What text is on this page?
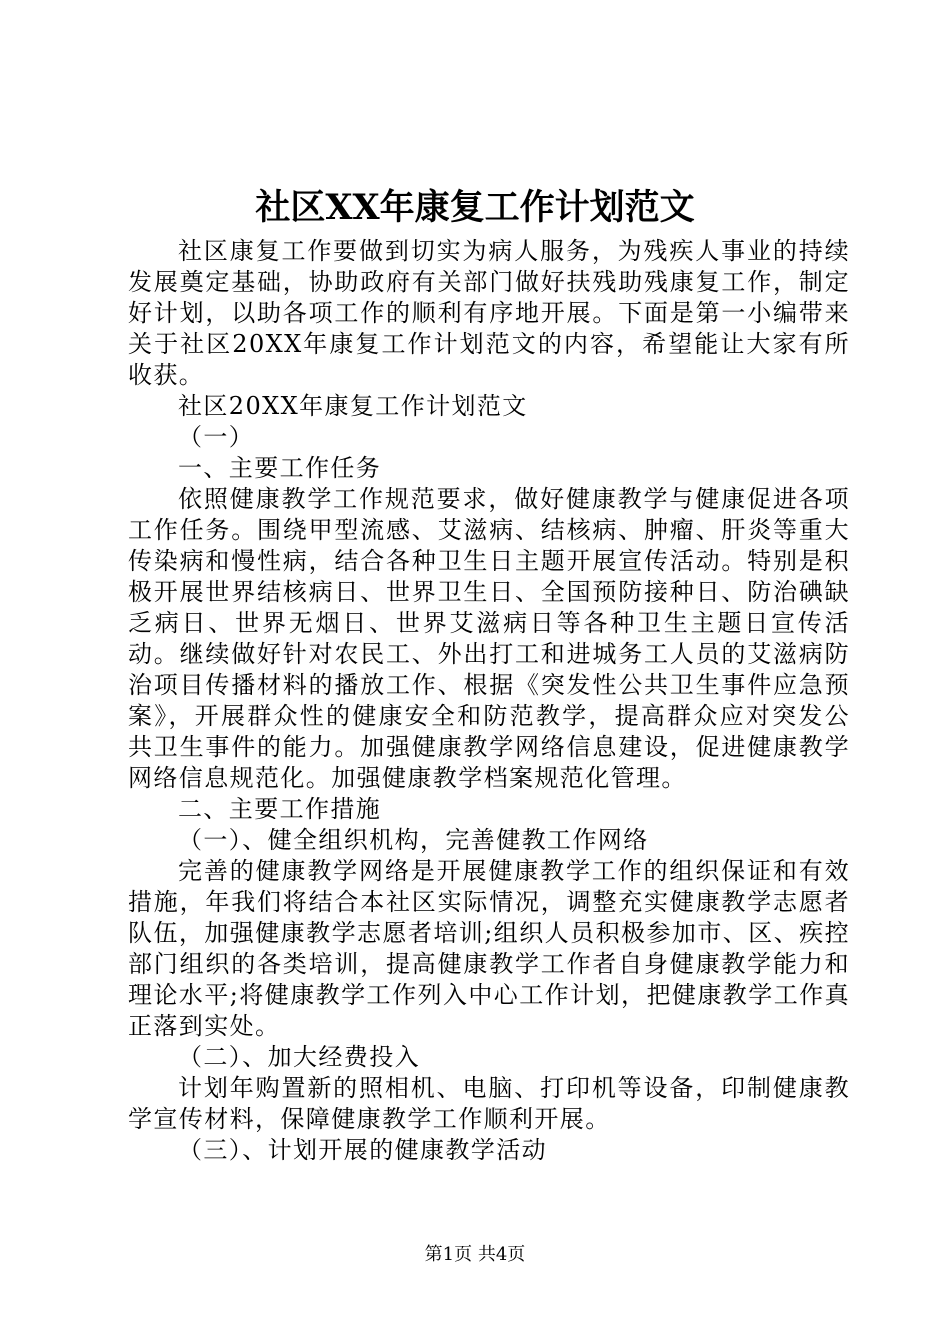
社区XX年康复工作计划范文

社区康复工作要做到切实为病人服务，为残疾人事业的持续发展奠定基础，协助政府有关部门做好扶残助残康复工作，制定好计划，以助各项工作的顺利有序地开展。下面是第一小编带来关于社区20XX年康复工作计划范文的内容，希望能让大家有所收获。

社区20XX年康复工作计划范文

（一）

一、主要工作任务

依照健康教学工作规范要求，做好健康教学与健康促进各项工作任务。围绕甲型流感、艾滋病、结核病、肿瘤、肝炎等重大传染病和慢性病，结合各种卫生日主题开展宣传活动。特别是积极开展世界结核病日、世界卫生日、全国预防接种日、防治碘缺乏病日、世界无烟日、世界艾滋病日等各种卫生主题日宣传活动。继续做好针对农民工、外出打工和进城务工人员的艾滋病防治项目传播材料的播放工作、根据《突发性公共卫生事件应急预案》，开展群众性的健康安全和防范教学，提高群众应对突发公共卫生事件的能力。加强健康教学网络信息建设，促进健康教学网络信息规范化。加强健康教学档案规范化管理。

二、主要工作措施

（一）、健全组织机构，完善健教工作网络

完善的健康教学网络是开展健康教学工作的组织保证和有效措施，年我们将结合本社区实际情况，调整充实健康教学志愿者队伍，加强健康教学志愿者培训;组织人员积极参加市、区、疾控部门组织的各类培训，提高健康教学工作者自身健康教学能力和理论水平;将健康教学工作列入中心工作计划，把健康教学工作真正落到实处。

（二）、加大经费投入

计划年购置新的照相机、电脑、打印机等设备，印制健康教学宣传材料，保障健康教学工作顺利开展。

（三）、计划开展的健康教学活动

第1页 共4页
